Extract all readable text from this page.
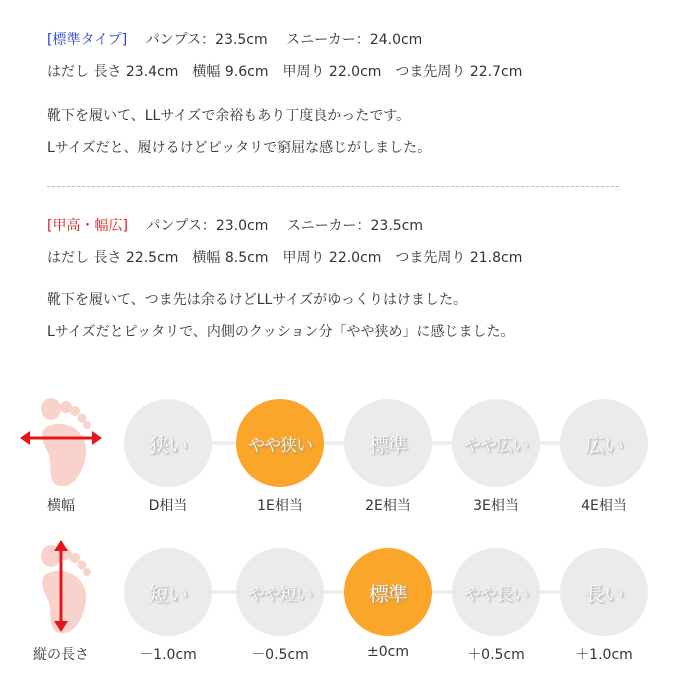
[標準タイプ]　 パンプス：23.5cm　 スニーカー：24.0cm
はだし 長さ 23.4cm　横幅 9.6cm　甲周り 22.0cm　つま先周り 22.7cm
靴下を履いて、LLサイズで余裕もあり丁度良かったです。
Lサイズだと、履けるけどピッタリで窮屈な感じがしました。
[甲高・幅広]　 パンプス：23.0cm　 スニーカー：23.5cm
はだし 長さ 22.5cm　横幅 8.5cm　甲周り 22.0cm　つま先周り 21.8cm
靴下を履いて、つま先は余るけどLLサイズがゆっくりはけました。
Lサイズだとピッタリで、内側のクッション分「やや狭め」に感じました。
横幅
狭い
D相当
やや狭い
1E相当
標準
2E相当
やや広い
3E相当
広い
4E相当
縦の長さ
短い
－1.0cm
やや短い
－0.5cm
標準
±0cm
やや長い
＋0.5cm
長い
＋1.0cm
